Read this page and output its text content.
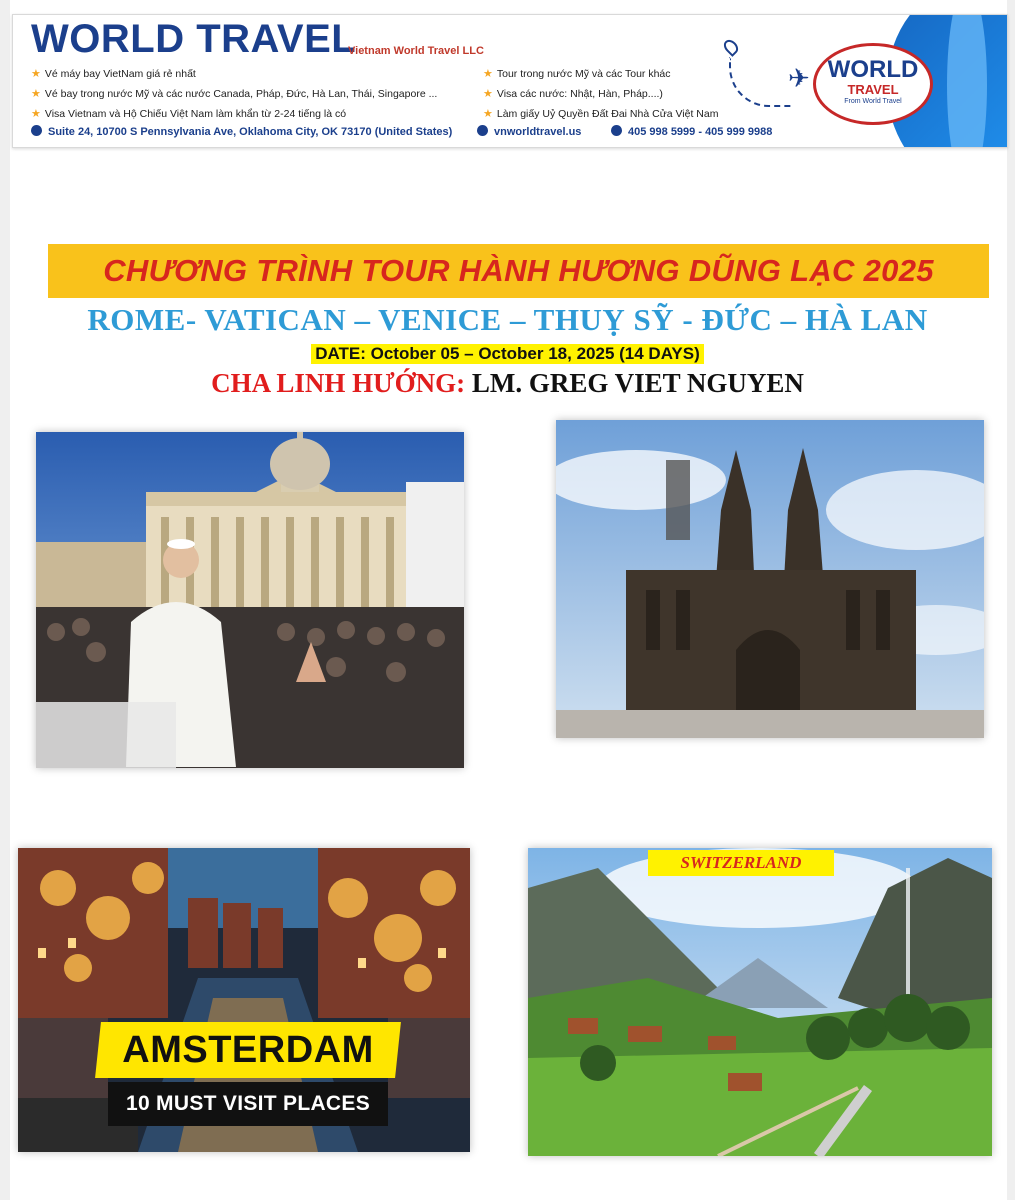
WORLD TRAVEL
Vietnam World Travel LLC
★ Vé máy bay VietNam giá rẻ nhất
★ Vé bay trong nước Mỹ và các nước Canada, Pháp, Đức, Hà Lan, Thái, Singapore ...
★ Visa Vietnam và Hộ Chiếu Việt Nam làm khẩn từ 2-24 tiếng là có
★ Tour trong nước Mỹ và các Tour khác
★ Visa các nước: Nhật, Hàn, Pháp....)
★ Làm giấy Uỷ Quyền Đất Đai Nhà Cửa Việt Nam
Suite 24, 10700 S Pennsylvania Ave, Oklahoma City, OK 73170 (United States)	vnworldtravel.us	405 998 5999 - 405 999 9988
✈ WORLD
TRAVEL
From World Travel
CHƯƠNG TRÌNH TOUR HÀNH HƯƠNG DŨNG LẠC 2025
ROME- VATICAN – VENICE – THUỴ SỸ - ĐỨC – HÀ LAN
DATE: October 05 – October 18, 2025 (14 DAYS)
CHA LINH HƯỚNG: LM. GREG VIET NGUYEN
AMSTERDAM
10 MUST VISIT PLACES
SWITZERLAND
